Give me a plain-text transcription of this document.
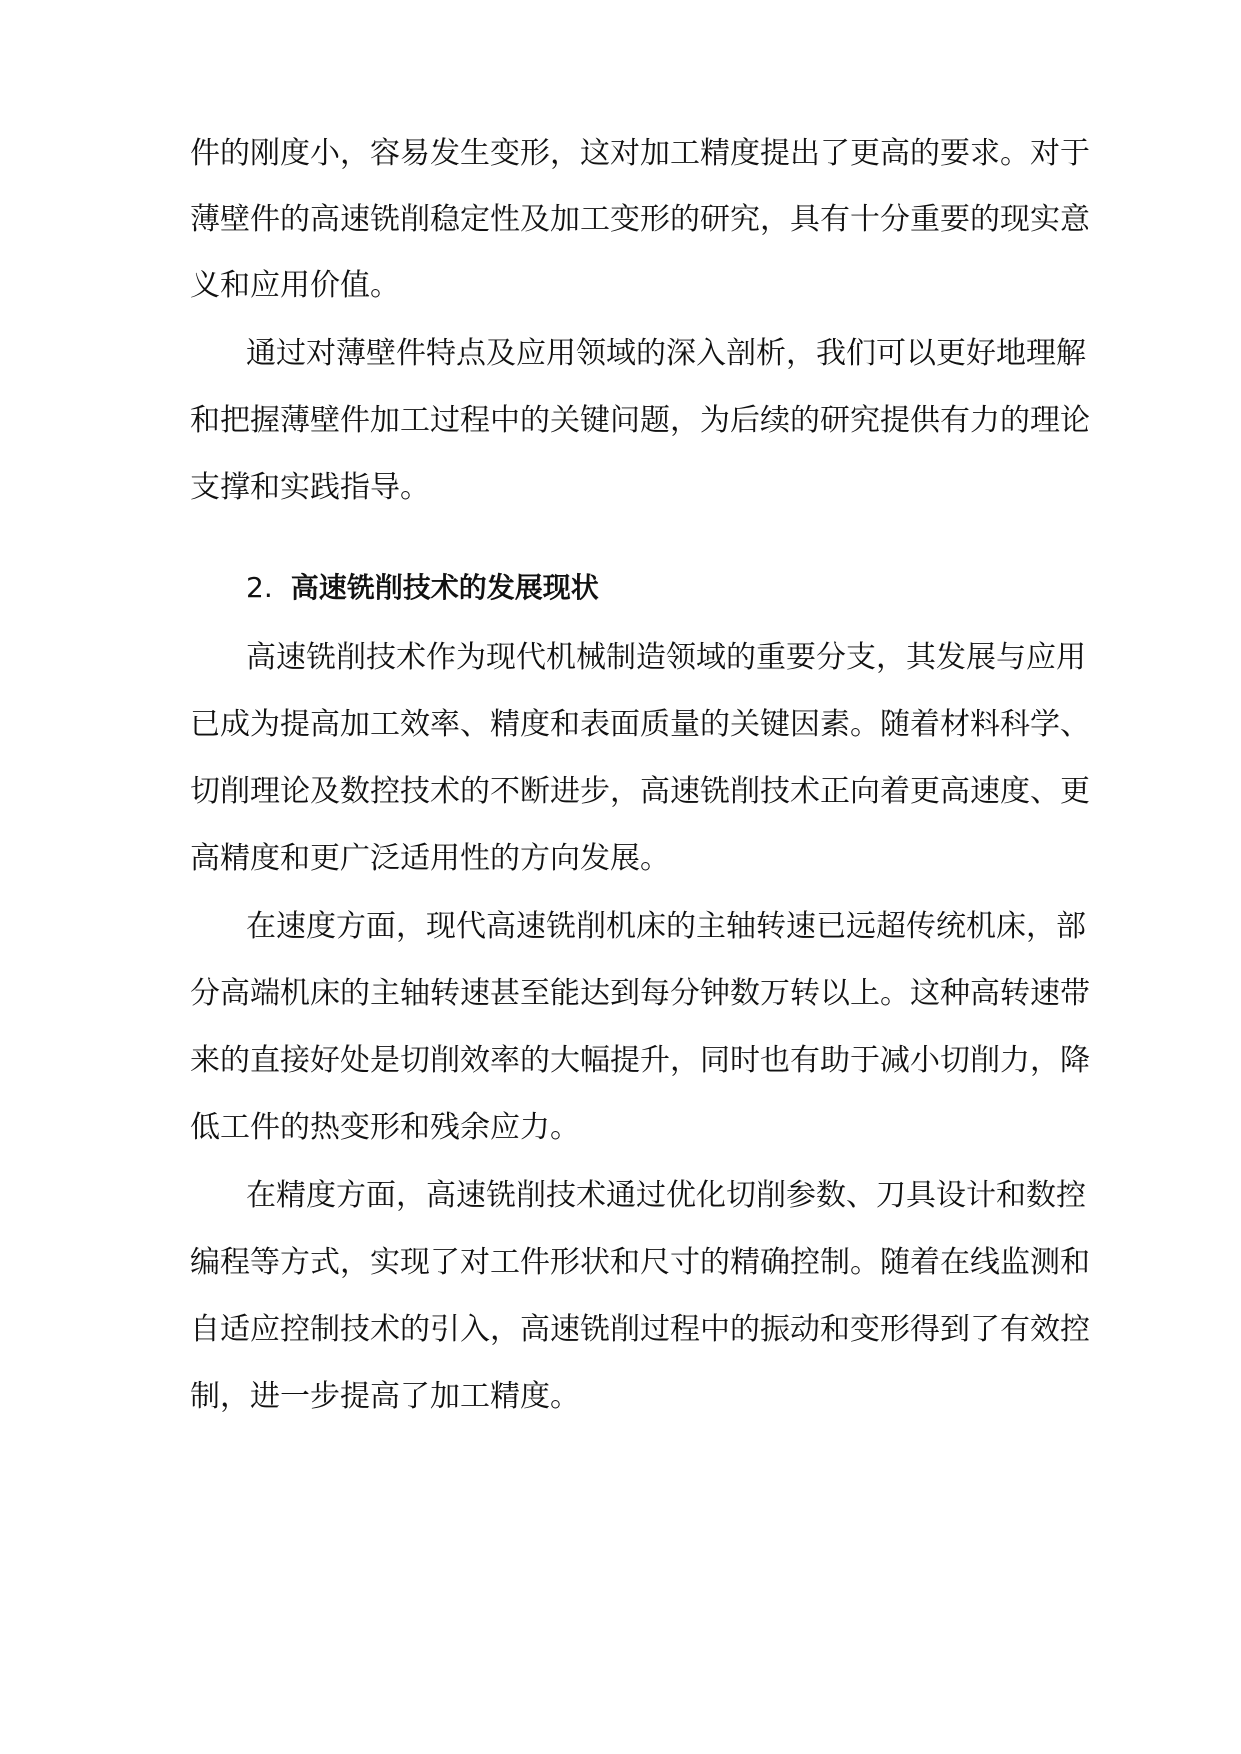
件的刚度小，容易发生变形，这对加工精度提出了更高的要求。对于
薄壁件的高速铣削稳定性及加工变形的研究，具有十分重要的现实意
义和应用价值。
通过对薄壁件特点及应用领域的深入剖析，我们可以更好地理解
和把握薄壁件加工过程中的关键问题，为后续的研究提供有力的理论
支撑和实践指导。
2. 高速铣削技术的发展现状
高速铣削技术作为现代机械制造领域的重要分支，其发展与应用
已成为提高加工效率、精度和表面质量的关键因素。随着材料科学、
切削理论及数控技术的不断进步，高速铣削技术正向着更高速度、更
高精度和更广泛适用性的方向发展。
在速度方面，现代高速铣削机床的主轴转速已远超传统机床，部
分高端机床的主轴转速甚至能达到每分钟数万转以上。这种高转速带
来的直接好处是切削效率的大幅提升，同时也有助于减小切削力，降
低工件的热变形和残余应力。
在精度方面，高速铣削技术通过优化切削参数、刀具设计和数控
编程等方式，实现了对工件形状和尺寸的精确控制。随着在线监测和
自适应控制技术的引入，高速铣削过程中的振动和变形得到了有效控
制，进一步提高了加工精度。
